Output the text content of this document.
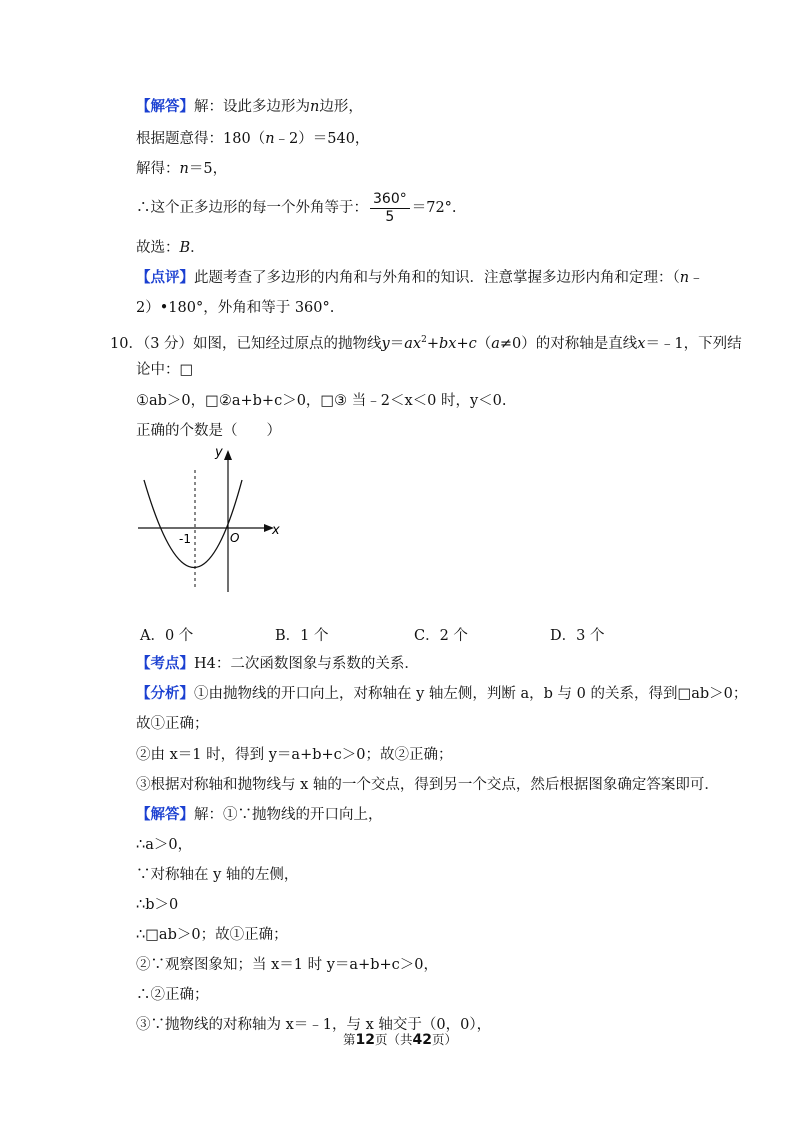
【解答】解：设此多边形为n边形，
根据题意得：180（n﹣2）＝540，
解得：n＝5，
∴这个正多边形的每一个外角等于： $\frac{360^\circ}{5} =72^\circ$.
故选：B．
【点评】此题考查了多边形的内角和与外角和的知识．注意掌握多边形内角和定理：（n﹣
2）•180°，外角和等于 360°.
10．（3 分）如图，已知经过原点的抛物线$y=ax^2+bx+c(a\ne 0)$的对称轴是直线x＝﹣1，下列结
论中：□
①ab＞0，□②a+b+c＞0，□③ 当﹣2＜x＜0 时，y＜0.
正确的个数是（　　）
x
y
O
-1
A．0 个	B．1 个	C．2 个	D．3 个
【考点】H4：二次函数图象与系数的关系．
【分析】①由抛物线的开口向上，对称轴在 y 轴左侧，判断 a，b 与 0 的关系，得到□ab＞0；
故①正确；
②由 x＝1 时，得到 y＝a+b+c＞0；故②正确；
③根据对称轴和抛物线与 x 轴的一个交点，得到另一个交点，然后根据图象确定答案即可．
【解答】解：①∵抛物线的开口向上，
∴a＞0，
∵对称轴在 y 轴的左侧，
∴b＞0
∴□ab＞0；故①正确；
②∵观察图象知；当 x＝1 时 y＝a+b+c＞0，
∴②正确；
③∵抛物线的对称轴为 x＝﹣1，与 x 轴交于（0，0），
第12页（共42页）
